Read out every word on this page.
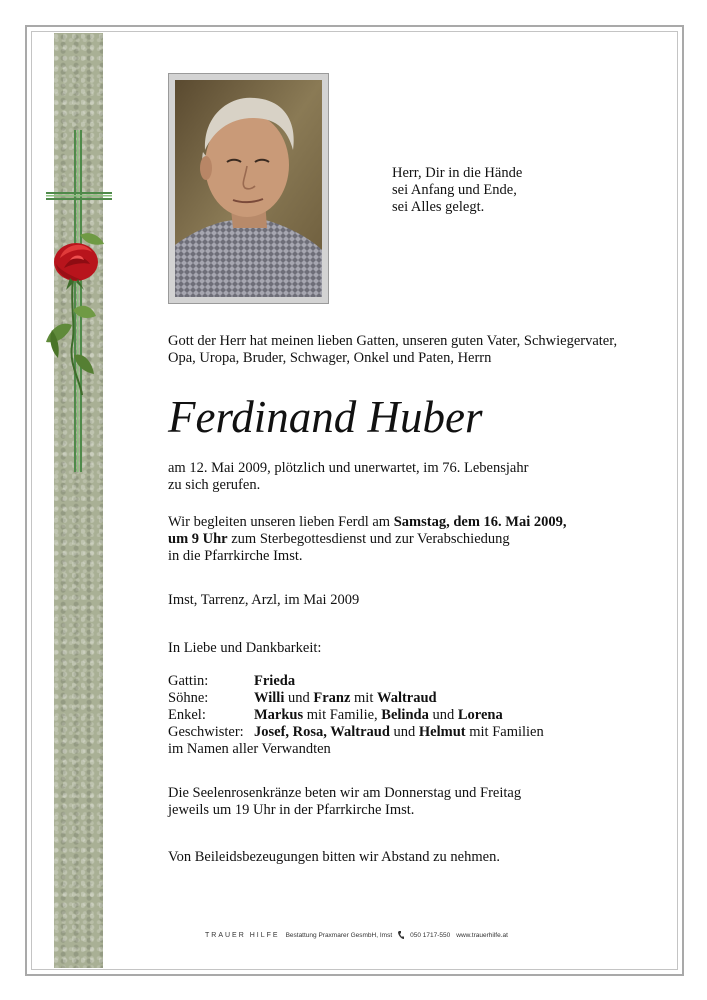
Herr, Dir in die Hände
sei Anfang und Ende,
sei Alles gelegt.
Gott der Herr hat meinen lieben Gatten, unseren guten Vater, Schwiegervater,
Opa, Uropa, Bruder, Schwager, Onkel und Paten, Herrn
Ferdinand Huber
am 12. Mai 2009, plötzlich und unerwartet, im 76. Lebensjahr
zu sich gerufen.
Wir begleiten unseren lieben Ferdl am Samstag, dem 16. Mai 2009,
um 9 Uhr zum Sterbegottesdienst und zur Verabschiedung
in die Pfarrkirche Imst.
Imst, Tarrenz, Arzl, im Mai 2009
In Liebe und Dankbarkeit:
Gattin:	Frieda
Söhne:	Willi und Franz mit Waltraud
Enkel:	Markus mit Familie, Belinda und Lorena
Geschwister: Josef, Rosa, Waltraud und Helmut mit Familien
im Namen aller Verwandten
Die Seelenrosenkränze beten wir am Donnerstag und Freitag
jeweils um 19 Uhr in der Pfarrkirche Imst.
Von Beileidsbezeugungen bitten wir Abstand zu nehmen.
TRAUER HILFE Bestattung Praxmarer GesmbH, Imst	050 1717-550 www.trauerhilfe.at
